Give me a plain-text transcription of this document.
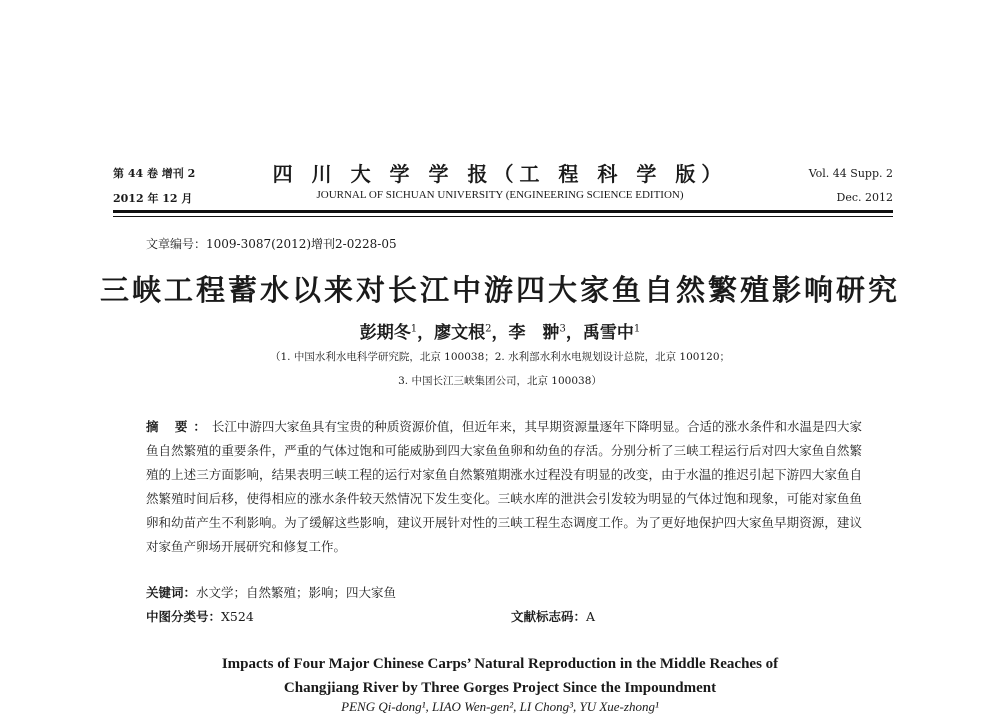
第 44 卷 增刊 2
2012 年 12 月
四 川 大 学 学 报（工 程 科 学 版）
JOURNAL OF SICHUAN UNIVERSITY (ENGINEERING SCIENCE EDITION)
Vol. 44 Supp. 2
Dec. 2012
文章编号：1009-3087(2012)增刊2-0228-05
三峡工程蓄水以来对长江中游四大家鱼自然繁殖影响研究
彭期冬$^1$，廖文根$^2$，李　翀$^3$，禹雪中$^1$
（1. 中国水利水电科学研究院，北京 100038；2. 水利部水利水电规划设计总院，北京 100120；
3. 中国长江三峡集团公司，北京 100038）
摘 要：长江中游四大家鱼具有宝贵的种质资源价值，但近年来，其早期资源量逐年下降明显。合适的涨水条件和水温是四大家鱼自然繁殖的重要条件，严重的气体过饱和可能威胁到四大家鱼鱼卵和幼鱼的存活。分别分析了三峡工程运行后对四大家鱼自然繁殖的上述三方面影响，结果表明三峡工程的运行对家鱼自然繁殖期涨水过程没有明显的改变，由于水温的推迟引起下游四大家鱼自然繁殖时间后移，使得相应的涨水条件较天然情况下发生变化。三峡水库的泄洪会引发较为明显的气体过饱和现象，可能对家鱼鱼卵和幼苗产生不利影响。为了缓解这些影响，建议开展针对性的三峡工程生态调度工作。为了更好地保护四大家鱼早期资源，建议对家鱼产卵场开展研究和修复工作。
关键词：水文学；自然繁殖；影响；四大家鱼
中图分类号：X524	文献标志码：A
Impacts of Four Major Chinese Carps’ Natural Reproduction in the Middle Reaches of
Changjiang River by Three Gorges Project Since the Impoundment
PENG Qi-dong¹, LIAO Wen-gen², LI Chong³, YU Xue-zhong¹
